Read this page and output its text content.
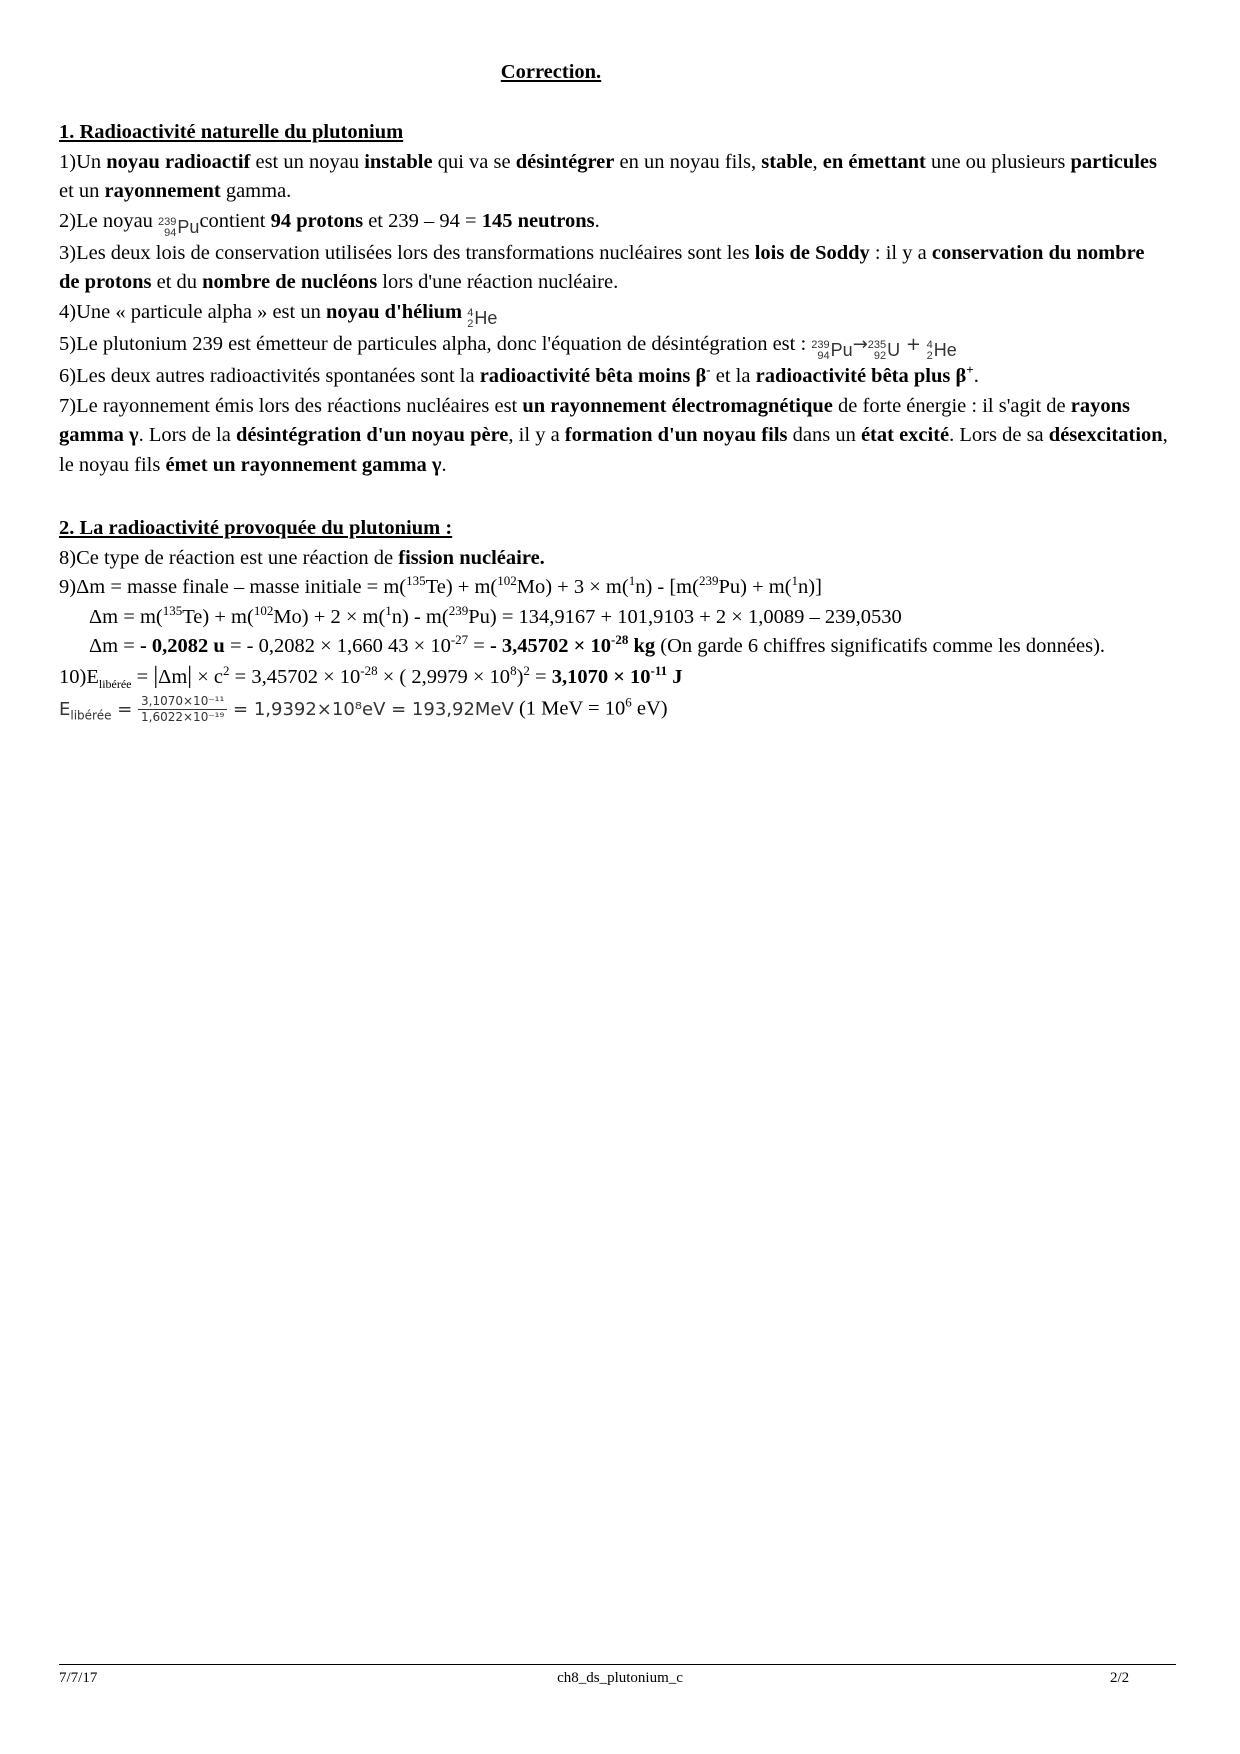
Correction.

1. Radioactivité naturelle du plutonium

1)Un noyau radioactif est un noyau instable qui va se désintégrer en un noyau fils, stable, en émettant une ou plusieurs particules et un rayonnement gamma.

2)Le noyau 239
94 Pucontient 94 protons et 239 – 94 = 145 neutrons.

3)Les deux lois de conservation utilisées lors des transformations nucléaires sont les lois de Soddy : il y a conservation du nombre de protons et du nombre de nucléons lors d'une réaction nucléaire.

4)Une « particule alpha » est un noyau d'hélium 4
2 He

5)Le plutonium 239 est émetteur de particules alpha, donc l'équation de désintégration est : 239
94 Pu→ 235
92 U + 4
2 He

6)Les deux autres radioactivités spontanées sont la radioactivité bêta moins β- et la radioactivité bêta plus β+.

7)Le rayonnement émis lors des réactions nucléaires est un rayonnement électromagnétique de forte énergie : il s'agit de rayons gamma γ. Lors de la désintégration d'un noyau père, il y a formation d'un noyau fils dans un état excité. Lors de sa désexcitation, le noyau fils émet un rayonnement gamma γ.

2. La radioactivité provoquée du plutonium :

8)Ce type de réaction est une réaction de fission nucléaire.

9)Δm = masse finale – masse initiale = m($^{135}$Te) + m($^{102}$Mo) + 3 × m($^1$n) - [m($^{239}$Pu) + m($^1$n)]

Δm = m($^{135}$Te) + m($^{102}$Mo) + 2 × m($^1$n) - m($^{239}$Pu) = 134,9167 + 101,9103 + 2 × 1,0089 – 239,0530

Δm = - 0,2082 u = - 0,2082 × 1,660 $43 \times 10^{-27}$ = - $3,45702 \times 10^{-28}$ kg (On garde 6 chiffres significatifs comme les données).

$10)E_{libérée} = |\Delta m| \times c^2 = 3,45702 \times 10^{-28}$ × ( $2,9979 \times 10^8)^2 = 3,1070 \times 10^{-11}$ J

$E_{libérée} = \frac{\text{3,1070×10⁻¹¹}}{\text{1,6022×10⁻¹⁹}} = 1,9392\times 10^8eV = 193,92MeV$ (1 MeV = $10^6$ eV)

7/7/17	ch8_ds_plutonium_c	2/2
